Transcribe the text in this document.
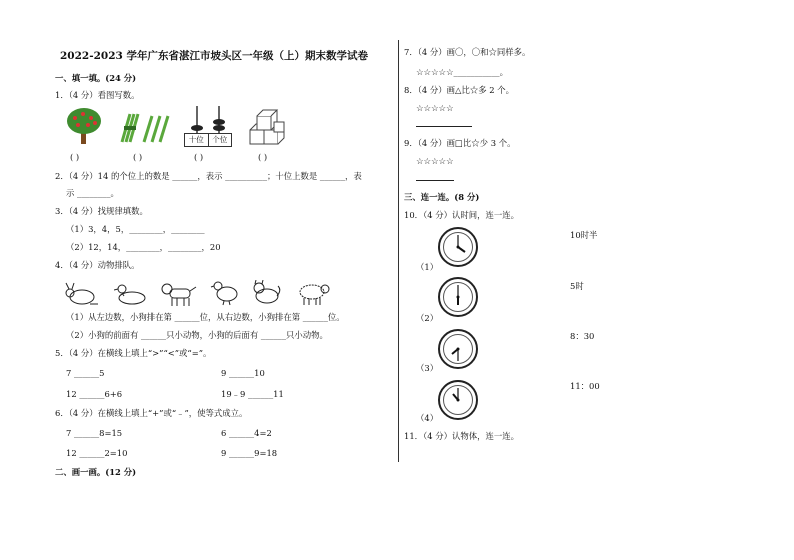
2022-2023 学年广东省湛江市坡头区一年级（上）期末数学试卷
一、填一填。(24 分)
1．（4 分）看图写数。
十位	个位
( )	( )	( )	( )
2．（4 分）14 的个位上的数是 ______，表示 __________；十位上数是 ______，表
示 ________。
3．（4 分）找规律填数。
（1）3，4，5，________，________
（2）12，14，________，________，20
4．（4 分）动物排队。
（1）从左边数，小狗排在第 ______位，从右边数，小狗排在第 ______位。
（2）小狗的前面有 ______只小动物，小狗的后面有 ______只小动物。
5．（4 分）在横线上填上“>”“<”或“=”。
7 ______5	9 ______10
12 ______6+6	19﹣9 ______11
6．（4 分）在横线上填上“+”或“﹣”，使等式成立。
7 ______8=15	6 ______4=2
12 ______2=10	9 ______9=18
二、画一画。(12 分)
7．（4 分）画〇，〇和☆同样多。
☆☆☆☆☆___________。
8．（4 分）画△比☆多 2 个。
☆☆☆☆☆
9．（4 分）画□比☆少 3 个。
☆☆☆☆☆
三、连一连。(8 分)
10．（4 分）认时间，连一连。
（1）
（2）
（3）
（4）
10时半
5时
8：30
11：00
11．（4 分）认物体，连一连。
